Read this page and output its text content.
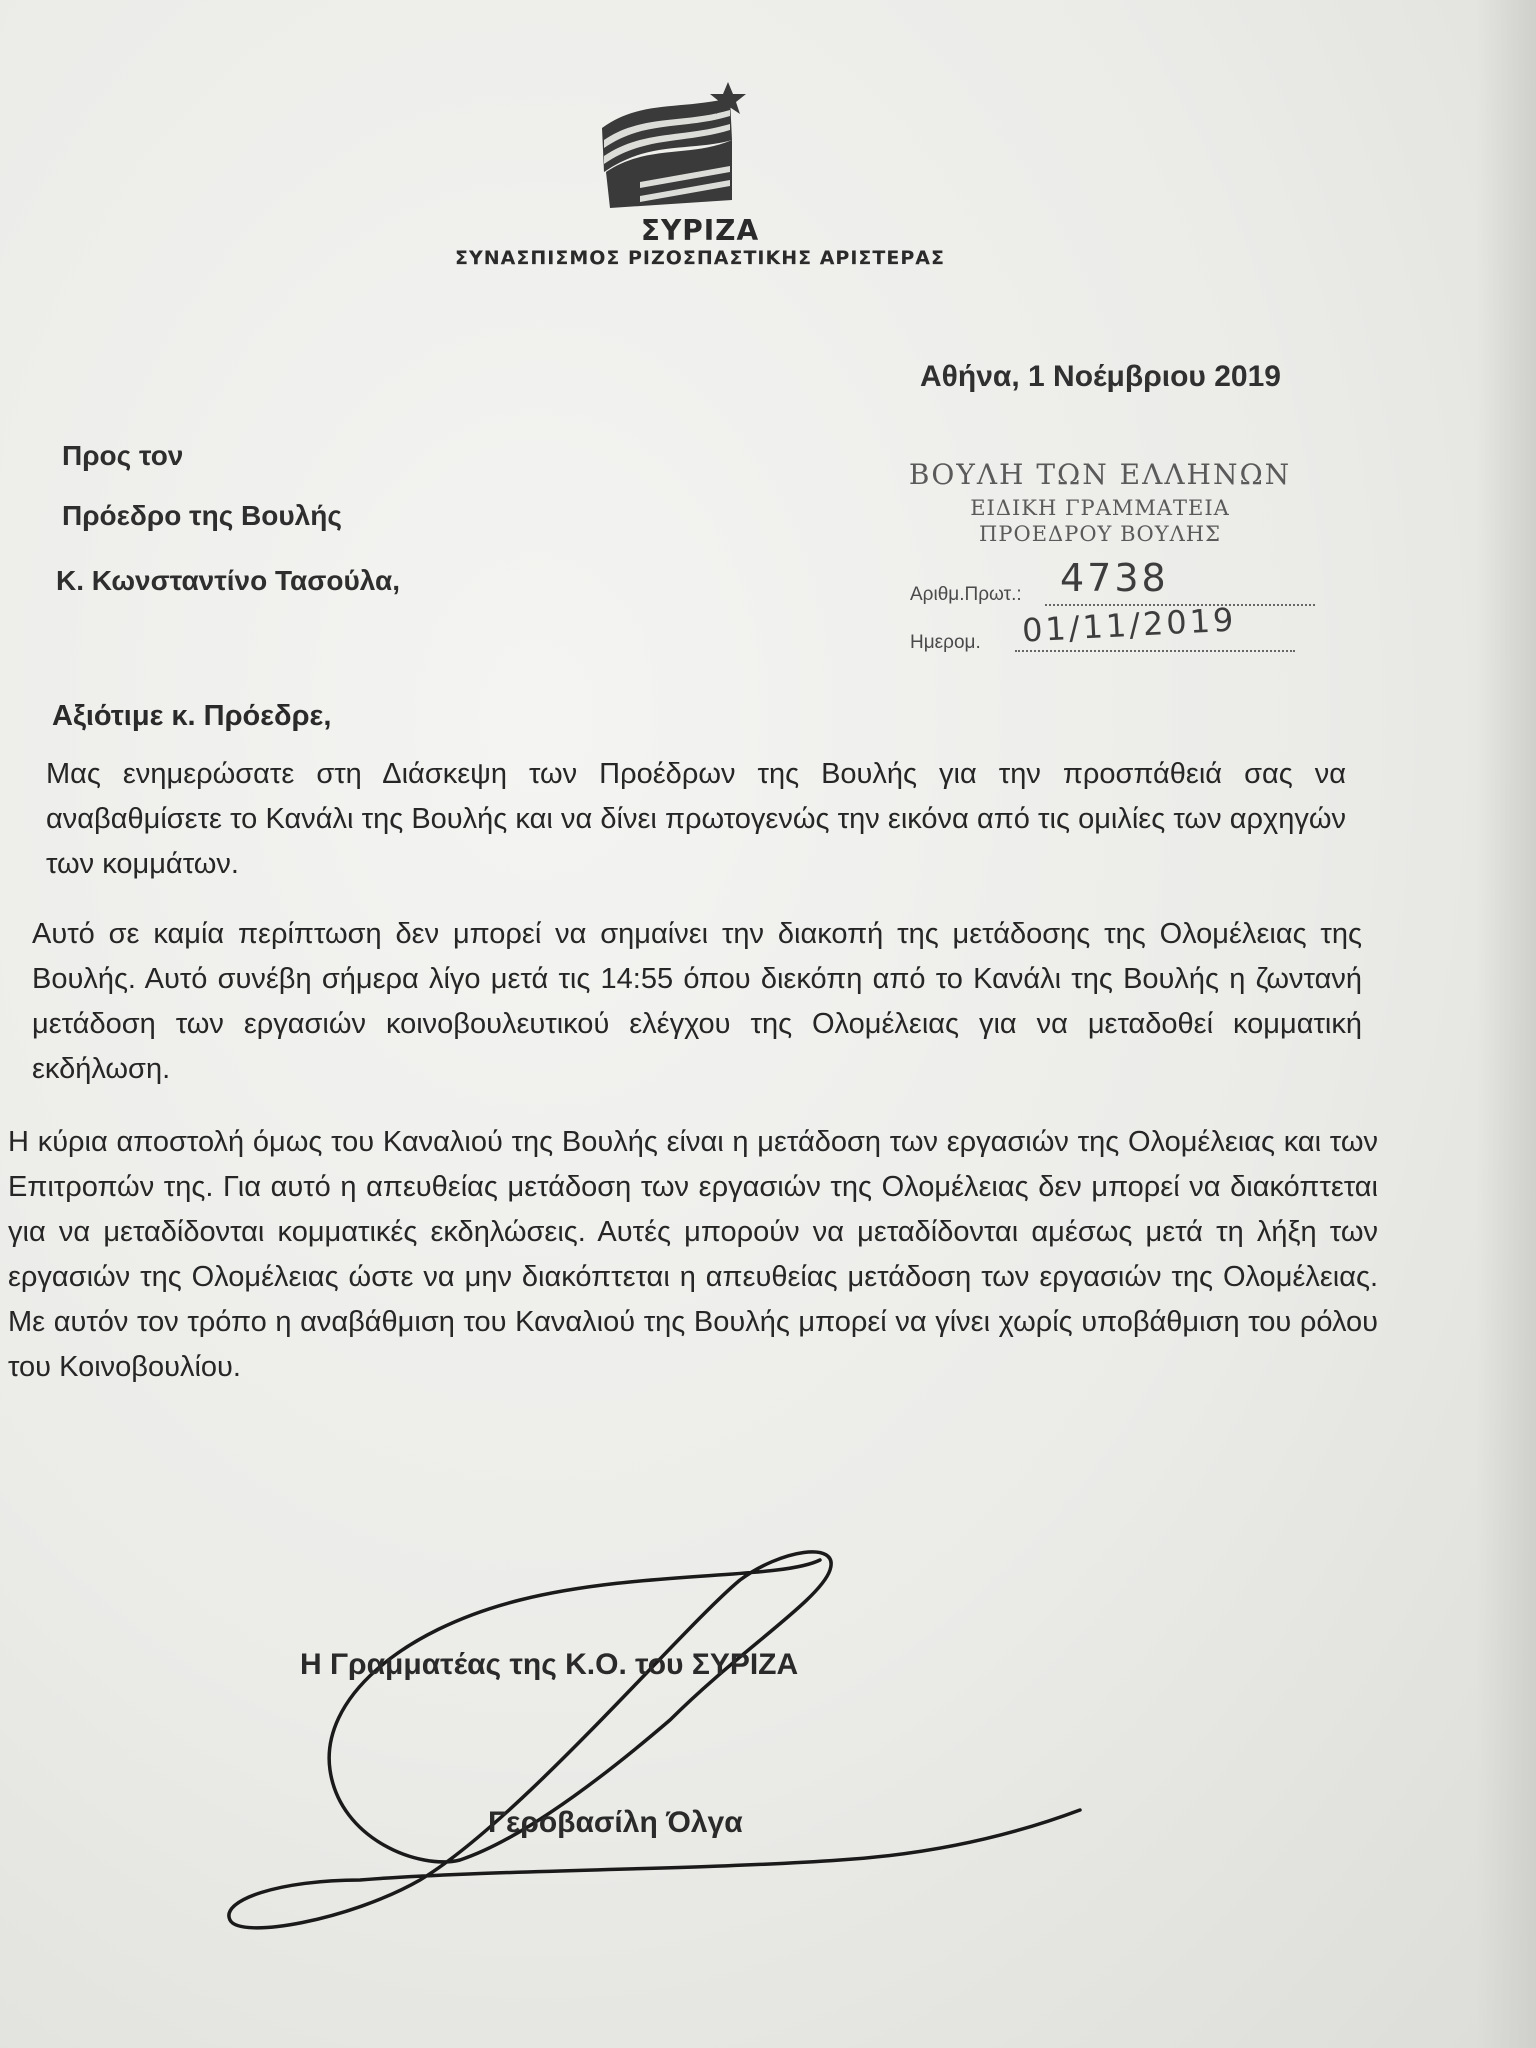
ΣΥΡΙΖΑ
ΣΥΝΑΣΠΙΣΜΟΣ ΡΙΖΟΣΠΑΣΤΙΚΗΣ ΑΡΙΣΤΕΡΑΣ
Αθήνα, 1 Νοέμβριου 2019
Προς τον
Πρόεδρο της Βουλής
Κ. Κωνσταντίνο Τασούλα,
ΒΟΥΛΗ ΤΩΝ ΕΛΛΗΝΩΝ
ΕΙΔΙΚΗ ΓΡΑΜΜΑΤΕΙΑ
ΠΡΟΕΔΡΟΥ ΒΟΥΛΗΣ
Αριθμ.Πρωτ.: 4738
Ημερομ. 01/11/2019
Αξιότιμε κ. Πρόεδρε,
Μας ενημερώσατε στη Διάσκεψη των Προέδρων της Βουλής για την προσπάθειά σας να αναβαθμίσετε το Κανάλι της Βουλής και να δίνει πρωτογενώς την εικόνα από τις ομιλίες των αρχηγών των κομμάτων.
Αυτό σε καμία περίπτωση δεν μπορεί να σημαίνει την διακοπή της μετάδοσης της Ολομέλειας της Βουλής. Αυτό συνέβη σήμερα λίγο μετά τις 14:55 όπου διεκόπη από το Κανάλι της Βουλής η ζωντανή μετάδοση των εργασιών κοινοβουλευτικού ελέγχου της Ολομέλειας για να μεταδοθεί κομματική εκδήλωση.
Η κύρια αποστολή όμως του Καναλιού της Βουλής είναι η μετάδοση των εργασιών της Ολομέλειας και των Επιτροπών της. Για αυτό η απευθείας μετάδοση των εργασιών της Ολομέλειας δεν μπορεί να διακόπτεται για να μεταδίδονται κομματικές εκδηλώσεις. Αυτές μπορούν να μεταδίδονται αμέσως μετά τη λήξη των εργασιών της Ολομέλειας ώστε να μην διακόπτεται η απευθείας μετάδοση των εργασιών της Ολομέλειας. Με αυτόν τον τρόπο η αναβάθμιση του Καναλιού της Βουλής μπορεί να γίνει χωρίς υποβάθμιση του ρόλου του Κοινοβουλίου.
Η Γραμματέας της Κ.Ο. του ΣΥΡΙΖΑ
Γεροβασίλη Όλγα
